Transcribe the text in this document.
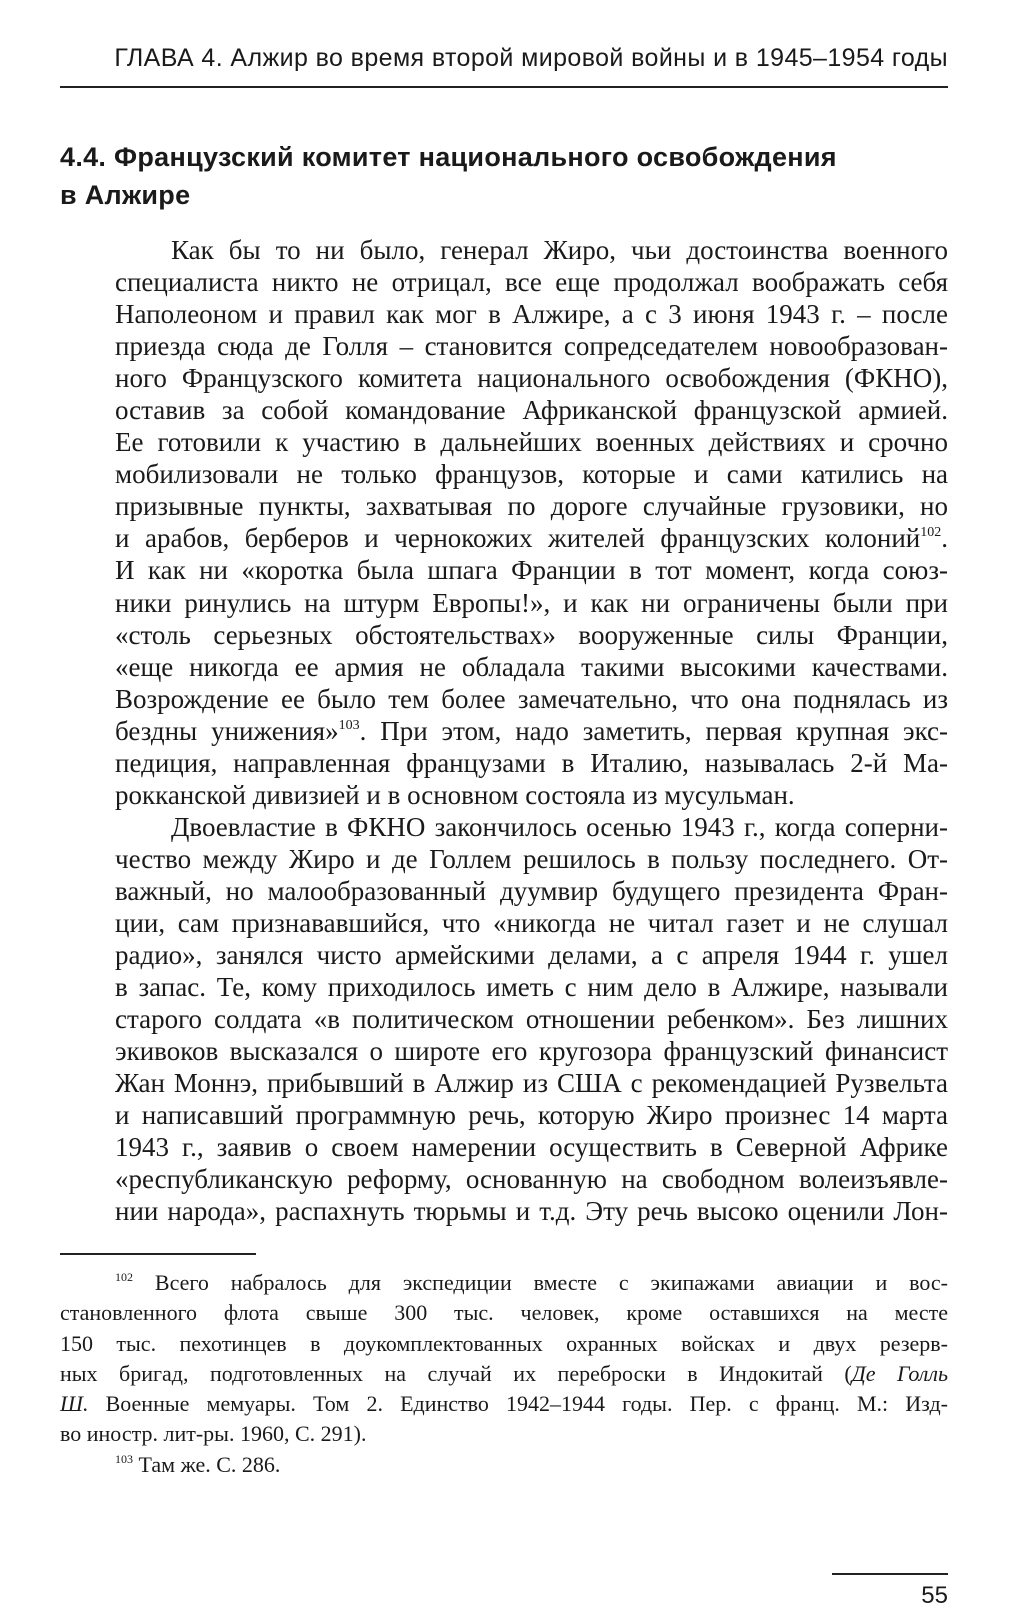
ГЛАВА 4. Алжир во время второй мировой войны и в 1945–1954 годы
4.4. Французский комитет национального освобождения
в Алжире

Как бы то ни было, генерал Жиро, чьи достоинства военного
специалиста никто не отрицал, все еще продолжал воображать себя
Наполеоном и правил как мог в Алжире, а с 3 июня 1943 г. – после
приезда сюда де Голля – становится сопредседателем новообразован-
ного Французского комитета национального освобождения (ФКНО),
оставив за собой командование Африканской французской армией.
Ее готовили к участию в дальнейших военных действиях и срочно
мобилизовали не только французов, которые и сами катились на
призывные пункты, захватывая по дороге случайные грузовики, но
и арабов, берберов и чернокожих жителей французских колоний$^{102}$.
И как ни «коротка была шпага Франции в тот момент, когда союз-
ники ринулись на штурм Европы!», и как ни ограничены были при
«столь серьезных обстоятельствах» вооруженные силы Франции,
«еще никогда ее армия не обладала такими высокими качествами.
Возрождение ее было тем более замечательно, что она поднялась из
бездны унижения»$^{103}$. При этом, надо заметить, первая крупная экс-
педиция, направленная французами в Италию, называлась 2-й Ма-
рокканской дивизией и в основном состояла из мусульман.

Двоевластие в ФКНО закончилось осенью 1943 г., когда соперни-
чество между Жиро и де Голлем решилось в пользу последнего. От-
важный, но малообразованный дуумвир будущего президента Фран-
ции, сам признававшийся, что «никогда не читал газет и не слушал
радио», занялся чисто армейскими делами, а с апреля 1944 г. ушел
в запас. Те, кому приходилось иметь с ним дело в Алжире, называли
старого солдата «в политическом отношении ребенком». Без лишних
экивоков высказался о широте его кругозора французский финансист
Жан Моннэ, прибывший в Алжир из США с рекомендацией Рузвельта
и написавший программную речь, которую Жиро произнес 14 марта
1943 г., заявив о своем намерении осуществить в Северной Африке
«республиканскую реформу, основанную на свободном волеизъявле-
нии народа», распахнуть тюрьмы и т.д. Эту речь высоко оценили Лон-

$^{102}$ Всего набралось для экспедиции вместе с экипажами авиации и вос-
становленного флота свыше 300 тыс. человек, кроме оставшихся на месте
150 тыс. пехотинцев в доукомплектованных охранных войсках и двух резерв-
ных бригад, подготовленных на случай их переброски в Индокитай (Де Голль
Ш. Военные мемуары. Том 2. Единство 1942–1944 годы. Пер. с франц. М.: Изд-
во иностр. лит-ры. 1960, С. 291).
$^{103}$ Там же. С. 286.
55
